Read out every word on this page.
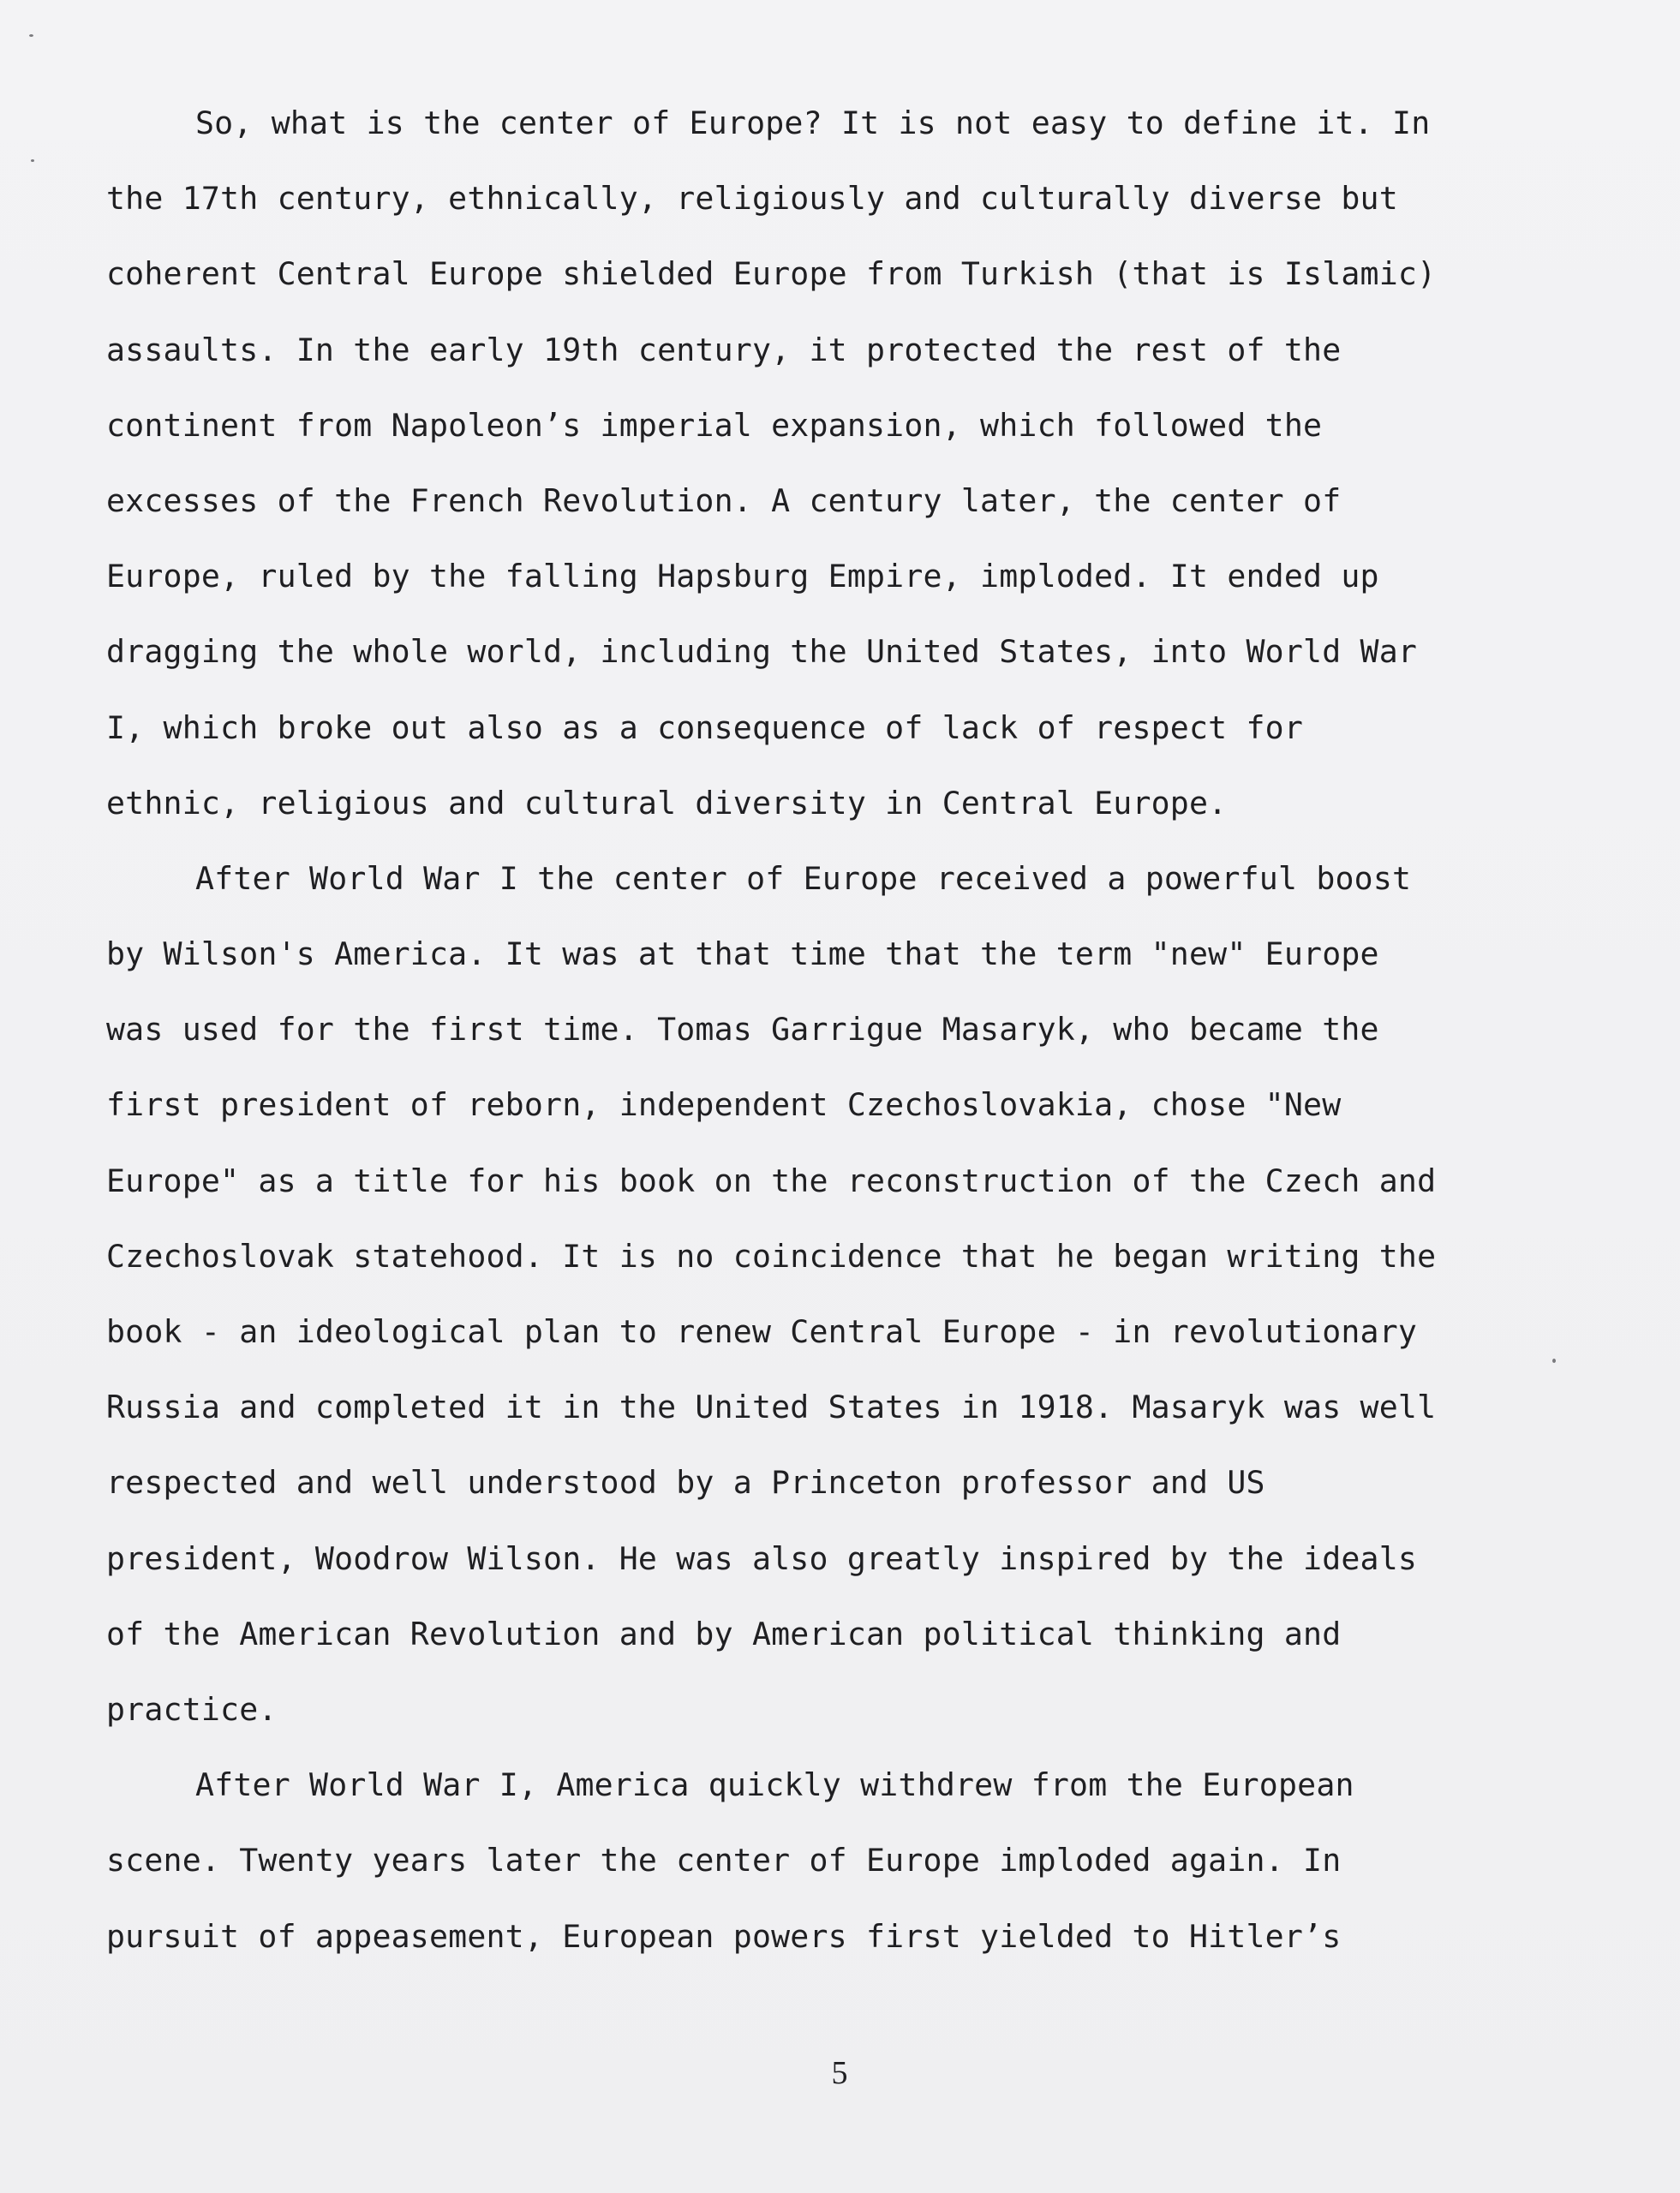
So, what is the center of Europe? It is not easy to define it. In
the 17th century, ethnically, religiously and culturally diverse but
coherent Central Europe shielded Europe from Turkish (that is Islamic)
assaults. In the early 19th century, it protected the rest of the
continent from Napoleon’s imperial expansion, which followed the
excesses of the French Revolution. A century later, the center of
Europe, ruled by the falling Hapsburg Empire, imploded. It ended up
dragging the whole world, including the United States, into World War
I, which broke out also as a consequence of lack of respect for
ethnic, religious and cultural diversity in Central Europe.
After World War I the center of Europe received a powerful boost
by Wilson's America. It was at that time that the term "new" Europe
was used for the first time. Tomas Garrigue Masaryk, who became the
first president of reborn, independent Czechoslovakia, chose "New
Europe" as a title for his book on the reconstruction of the Czech and
Czechoslovak statehood. It is no coincidence that he began writing the
book - an ideological plan to renew Central Europe - in revolutionary
Russia and completed it in the United States in 1918. Masaryk was well
respected and well understood by a Princeton professor and US
president, Woodrow Wilson. He was also greatly inspired by the ideals
of the American Revolution and by American political thinking and
practice.
After World War I, America quickly withdrew from the European
scene. Twenty years later the center of Europe imploded again. In
pursuit of appeasement, European powers first yielded to Hitler’s
5
